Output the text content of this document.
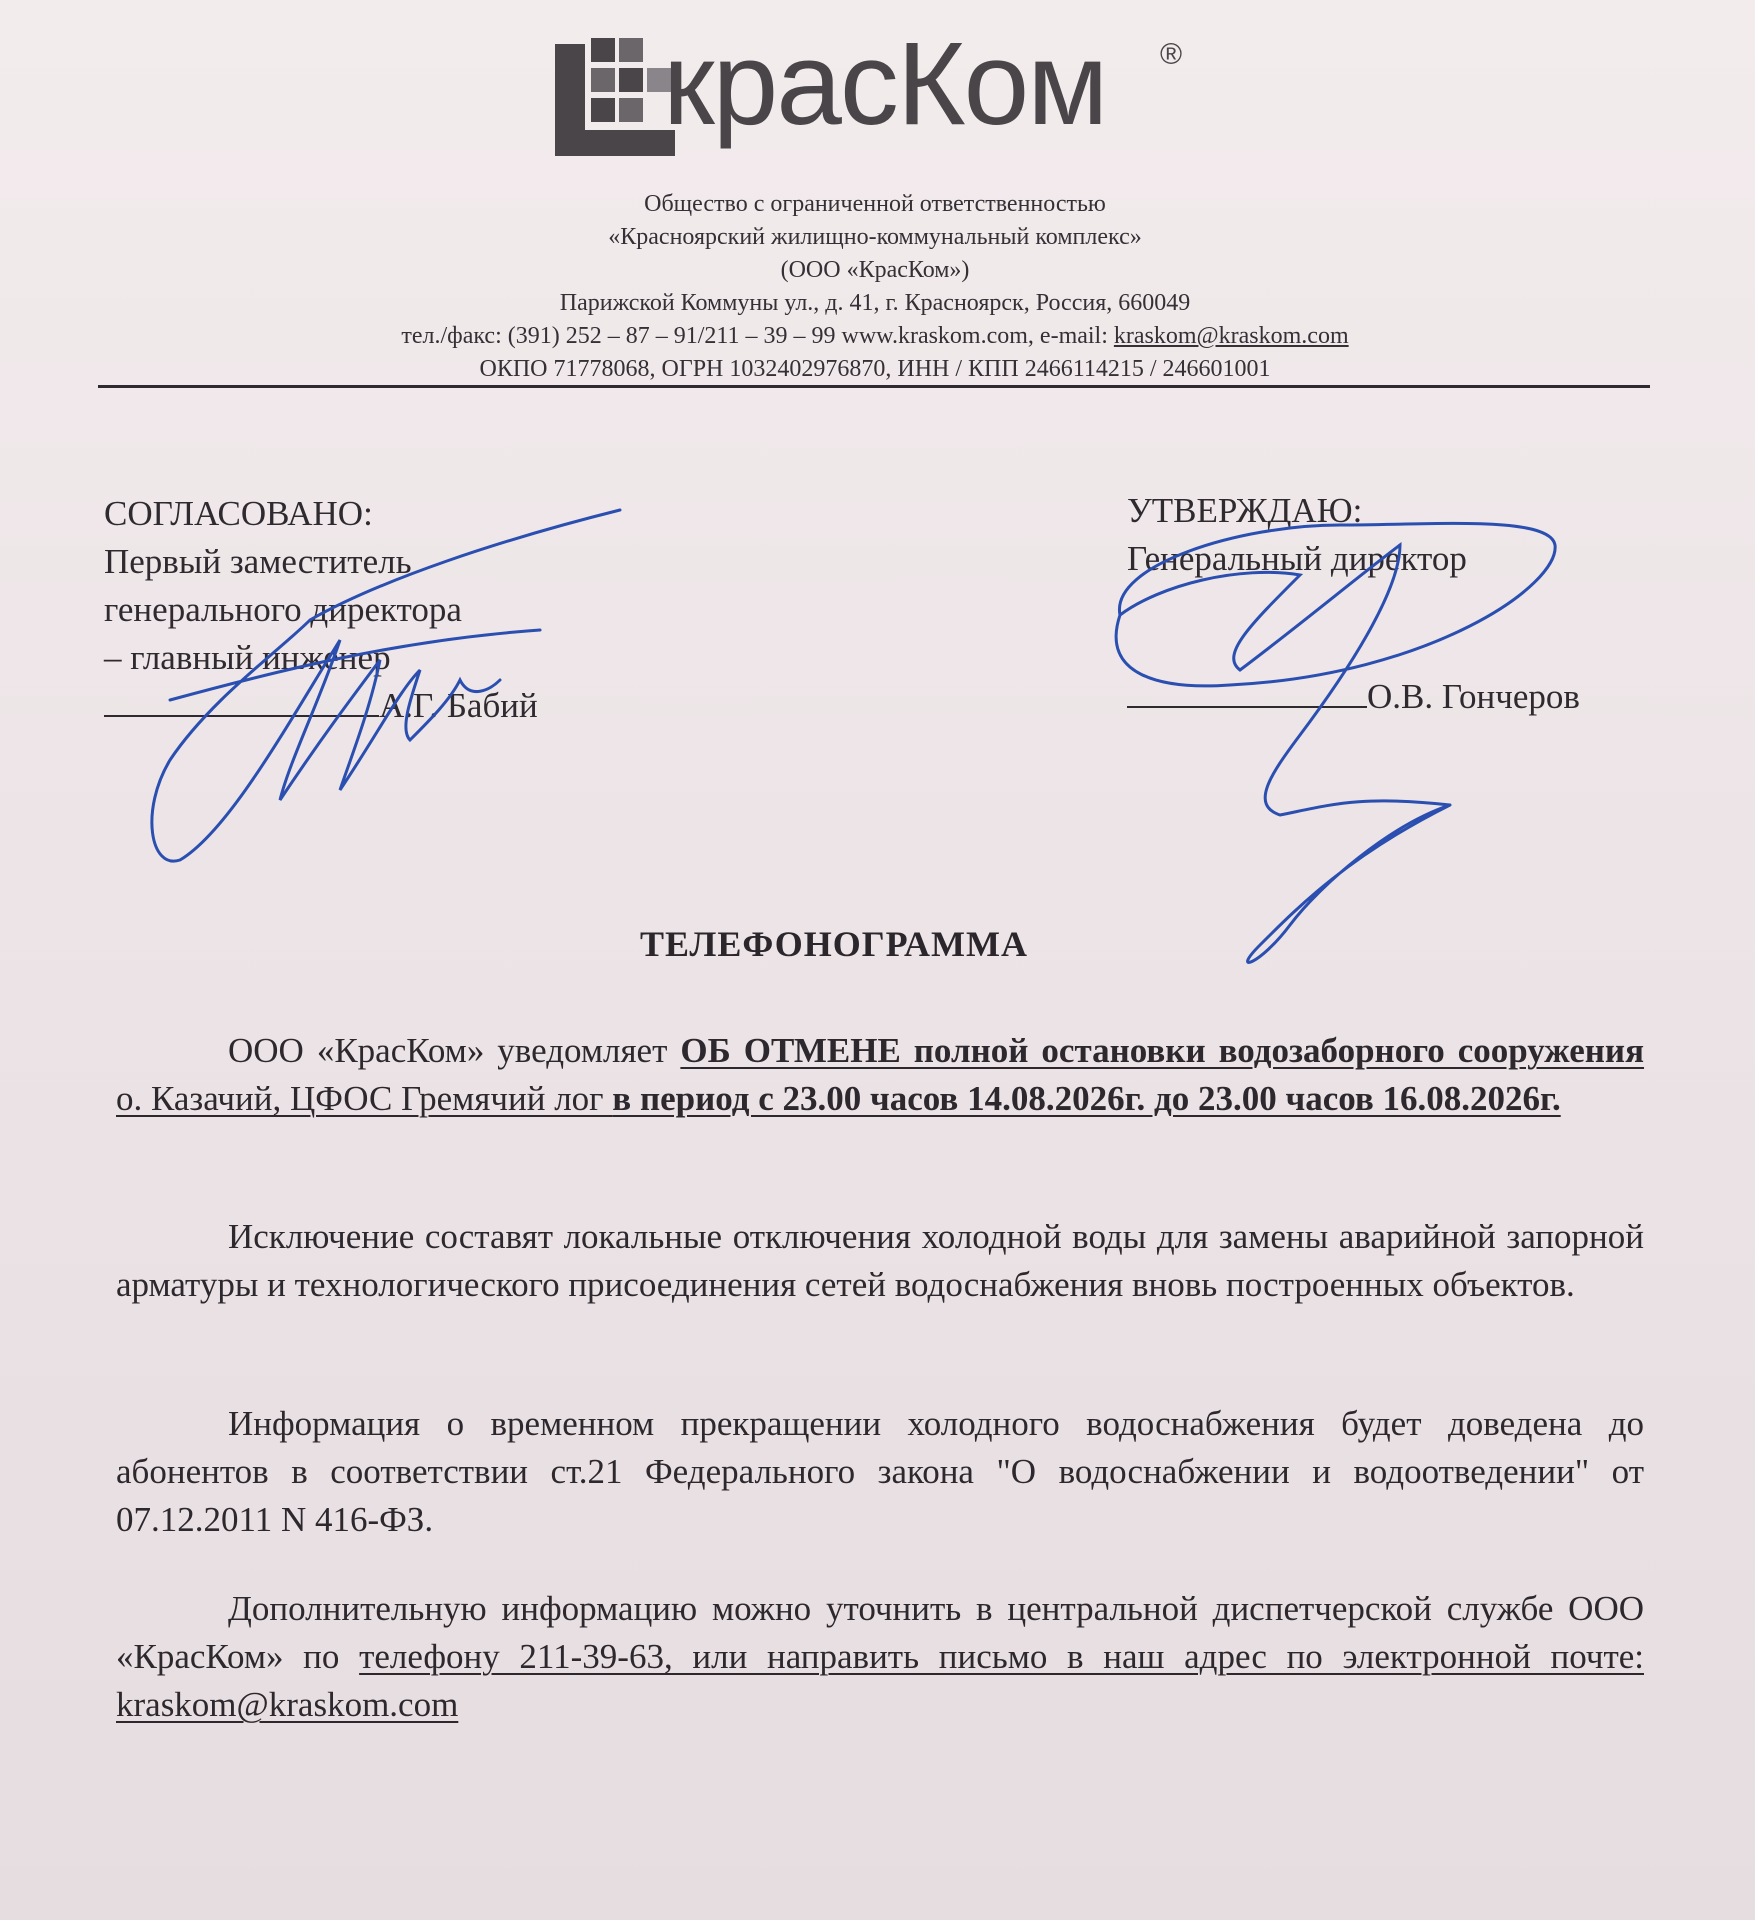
красКом ®
Общество с ограниченной ответственностью
«Красноярский жилищно-коммунальный комплекс»
(ООО «КрасКом»)
Парижской Коммуны ул., д. 41, г. Красноярск, Россия, 660049
тел./факс: (391) 252 – 87 – 91/211 – 39 – 99 www.kraskom.com, e-mail: kraskom@kraskom.com
ОКПО 71778068, ОГРН 1032402976870, ИНН / КПП 2466114215 / 246601001
СОГЛАСОВАНО:
Первый заместитель
генерального директора
– главный инженер
А.Г. Бабий
УТВЕРЖДАЮ:
Генеральный директор
О.В. Гончеров
ТЕЛЕФОНОГРАММА
ООО «КрасКом» уведомляет ОБ ОТМЕНЕ полной остановки водозаборного сооружения о. Казачий, ЦФОС Гремячий лог в период с 23.00 часов 14.08.2026г. до 23.00 часов 16.08.2026г.
Исключение составят локальные отключения холодной воды для замены аварийной запорной арматуры и технологического присоединения сетей водоснабжения вновь построенных объектов.
Информация о временном прекращении холодного водоснабжения будет доведена до абонентов в соответствии ст.21 Федерального закона "О водоснабжении и водоотведении" от 07.12.2011 N 416-ФЗ.
Дополнительную информацию можно уточнить в центральной диспетчерской службе ООО «КрасКом» по телефону 211-39-63, или направить письмо в наш адрес по электронной почте: kraskom@kraskom.com
